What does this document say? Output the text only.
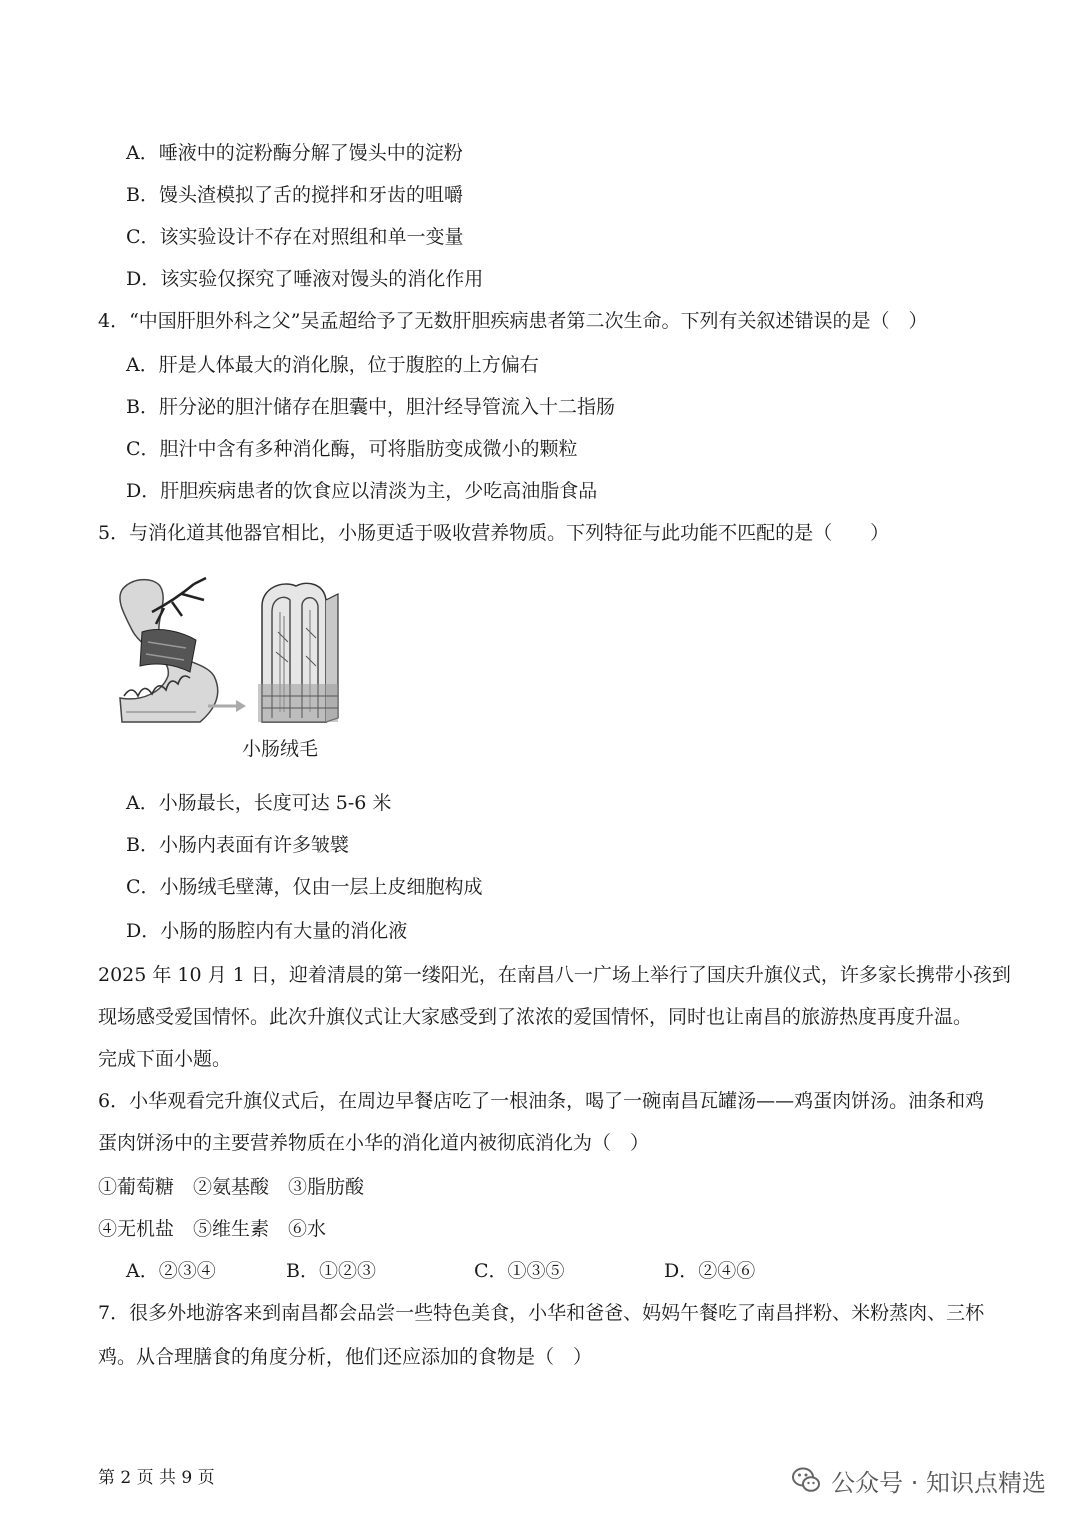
A．唾液中的淀粉酶分解了馒头中的淀粉
B．馒头渣模拟了舌的搅拌和牙齿的咀嚼
C．该实验设计不存在对照组和单一变量
D．该实验仅探究了唾液对馒头的消化作用
4．“中国肝胆外科之父”吴孟超给予了无数肝胆疾病患者第二次生命。下列有关叙述错误的是（　）
A．肝是人体最大的消化腺，位于腹腔的上方偏右
B．肝分泌的胆汁储存在胆囊中，胆汁经导管流入十二指肠
C．胆汁中含有多种消化酶，可将脂肪变成微小的颗粒
D．肝胆疾病患者的饮食应以清淡为主，少吃高油脂食品
5．与消化道其他器官相比，小肠更适于吸收营养物质。下列特征与此功能不匹配的是（　　）
小肠绒毛
A．小肠最长，长度可达 5-6 米
B．小肠内表面有许多皱襞
C．小肠绒毛壁薄，仅由一层上皮细胞构成
D．小肠的肠腔内有大量的消化液
2025 年 10 月 1 日，迎着清晨的第一缕阳光，在南昌八一广场上举行了国庆升旗仪式，许多家长携带小孩到
现场感受爱国情怀。此次升旗仪式让大家感受到了浓浓的爱国情怀，同时也让南昌的旅游热度再度升温。
完成下面小题。
6．小华观看完升旗仪式后，在周边早餐店吃了一根油条，喝了一碗南昌瓦罐汤——鸡蛋肉饼汤。油条和鸡
蛋肉饼汤中的主要营养物质在小华的消化道内被彻底消化为（　）
①葡萄糖　②氨基酸　③脂肪酸
④无机盐　⑤维生素　⑥水
A．②③④	B．①②③	C．①③⑤	D．②④⑥
7．很多外地游客来到南昌都会品尝一些特色美食，小华和爸爸、妈妈午餐吃了南昌拌粉、米粉蒸肉、三杯
鸡。从合理膳食的角度分析，他们还应添加的食物是（　）
第 2 页 共 9 页	公众号 · 知识点精选
